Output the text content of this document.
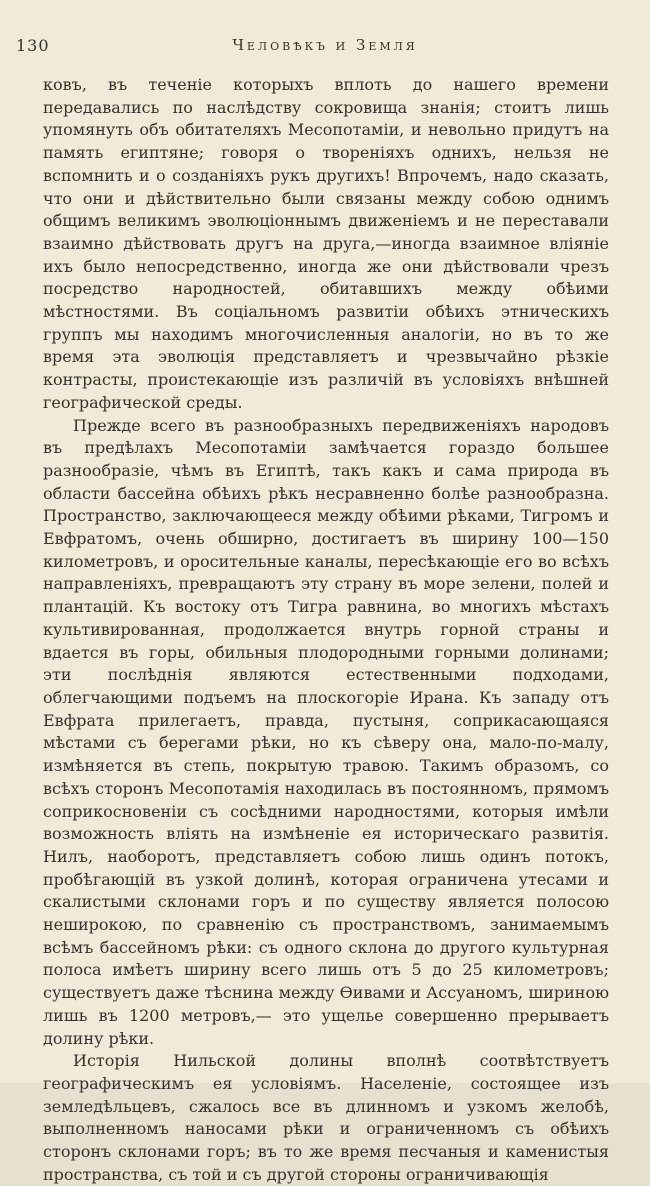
130	Человѣкъ и Земля

ковъ, въ теченіе которыхъ вплоть до нашего времени передавались по наслѣдству сокровища знанія; стоитъ лишь упомянуть объ обитателяхъ Месопотаміи, и невольно придутъ на память египтяне; говоря о твореніяхъ однихъ, нельзя не вспомнить и о созданіяхъ рукъ другихъ! Впрочемъ, надо сказать, что они и дѣйствительно были связаны между собою однимъ общимъ великимъ эволюціоннымъ движеніемъ и не переставали взаимно дѣйствовать другъ на друга,—иногда взаимное вліяніе ихъ было непосредственно, иногда же они дѣйствовали чрезъ посредство народностей, обитавшихъ между обѣими мѣстностями. Въ соціальномъ развитіи обѣихъ этническихъ группъ мы находимъ многочисленныя аналогіи, но въ то же время эта эволюція представляетъ и чрезвычайно рѣзкіе контрасты, проистекающіе изъ различій въ условіяхъ внѣшней географической среды.

Прежде всего въ разнообразныхъ передвиженіяхъ народовъ въ предѣлахъ Месопотаміи замѣчается гораздо большее разнообразіе, чѣмъ въ Египтѣ, такъ какъ и сама природа въ области бассейна обѣихъ рѣкъ несравненно болѣе разнообразна. Пространство, заключающееся между обѣими рѣками, Тигромъ и Евфратомъ, очень обширно, достигаетъ въ ширину 100—150 километровъ, и оросительные каналы, пересѣкающіе его во всѣхъ направленіяхъ, превращаютъ эту страну въ море зелени, полей и плантацій. Къ востоку отъ Тигра равнина, во многихъ мѣстахъ культивированная, продолжается внутрь горной страны и вдается въ горы, обильныя плодородными горными долинами; эти послѣднія являются естественными подходами, облегчающими подъемъ на плоскогоріе Ирана. Къ западу отъ Евфрата прилегаетъ, правда, пустыня, соприкасающаяся мѣстами съ берегами рѣки, но къ сѣверу она, мало-по-малу, измѣняется въ степь, покрытую травою. Такимъ образомъ, со всѣхъ сторонъ Месопотамія находилась въ постоянномъ, прямомъ соприкосновеніи съ сосѣдними народностями, которыя имѣли возможность вліять на измѣненіе ея историческаго развитія. Нилъ, наоборотъ, представляетъ собою лишь одинъ потокъ, пробѣгающій въ узкой долинѣ, которая ограничена утесами и скалистыми склонами горъ и по существу является полосою неширокою, по сравненію съ пространствомъ, занимаемымъ всѣмъ бассейномъ рѣки: съ одного склона до другого культурная полоса имѣетъ ширину всего лишь отъ 5 до 25 километровъ; существуетъ даже тѣснина между Ѳивами и Ассуаномъ, шириною лишь въ 1200 метровъ,— это ущелье совершенно прерываетъ долину рѣки.

Исторія Нильской долины вполнѣ соотвѣтствуетъ географическимъ ея условіямъ. Населеніе, состоящее изъ земледѣльцевъ, сжалось все въ длинномъ и узкомъ желобѣ, выполненномъ наносами рѣки и ограниченномъ съ обѣихъ сторонъ склонами горъ; въ то же время песчаныя и каменистыя пространства, съ той и съ другой стороны ограничивающія
